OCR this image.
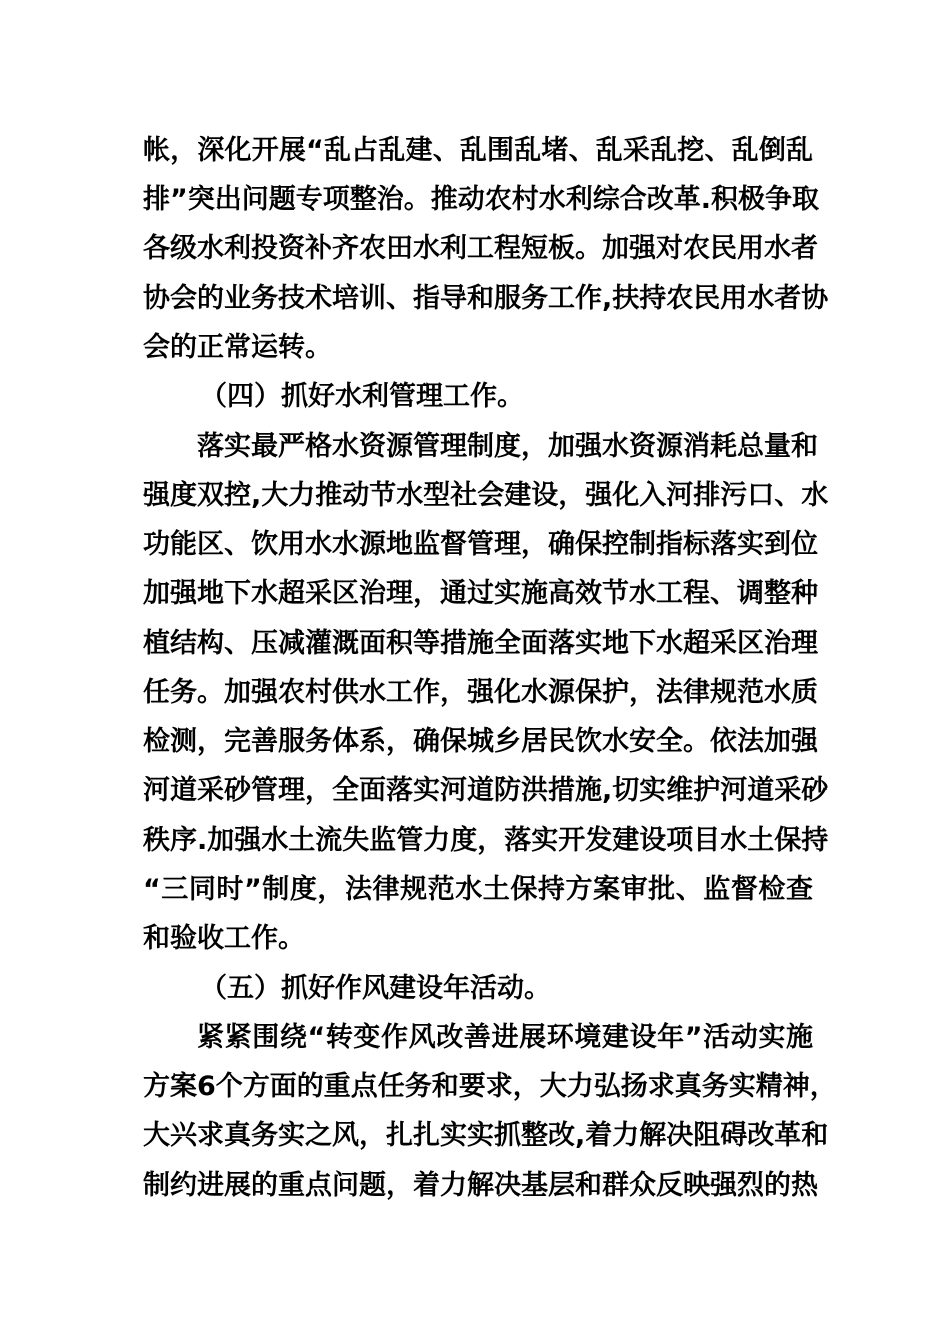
帐，深化开展“乱占乱建、乱围乱堵、乱采乱挖、乱倒乱
排”突出问题专项整治。推动农村水利综合改革.积极争取
各级水利投资补齐农田水利工程短板。加强对农民用水者
协会的业务技术培训、指导和服务工作,扶持农民用水者协
会的正常运转。
（四）抓好水利管理工作。
落实最严格水资源管理制度，加强水资源消耗总量和
强度双控,大力推动节水型社会建设，强化入河排污口、水
功能区、饮用水水源地监督管理，确保控制指标落实到位
加强地下水超采区治理，通过实施高效节水工程、调整种
植结构、压减灌溉面积等措施全面落实地下水超采区治理
任务。加强农村供水工作，强化水源保护，法律规范水质
检测，完善服务体系，确保城乡居民饮水安全。依法加强
河道采砂管理，全面落实河道防洪措施,切实维护河道采砂
秩序.加强水土流失监管力度，落实开发建设项目水土保持
“三同时”制度，法律规范水土保持方案审批、监督检查
和验收工作。
（五）抓好作风建设年活动。
紧紧围绕“转变作风改善进展环境建设年”活动实施
方案6个方面的重点任务和要求，大力弘扬求真务实精神，
大兴求真务实之风，扎扎实实抓整改,着力解决阻碍改革和
制约进展的重点问题，着力解决基层和群众反映强烈的热
